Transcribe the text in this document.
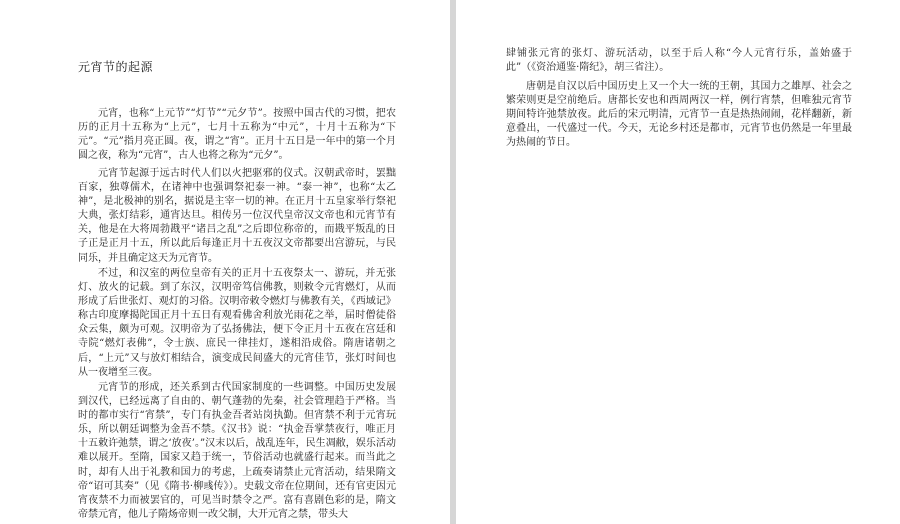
元宵节的起源

元宵，也称“上元节”“灯节”“元夕节”。按照中国古代的习惯，把农历的正月十五称为“上元”，七月十五称为“中元”，十月十五称为“下元”。“元”指月亮正圆。夜，谓之“宵”。正月十五日是一年中的第一个月圆之夜，称为“元宵”，古人也将之称为“元夕”。

元宵节起源于远古时代人们以火把驱邪的仪式。汉朝武帝时，罢黜百家，独尊儒术，在诸神中也强调祭祀泰一神。“泰一神”，也称“太乙神”，是北极神的别名，据说是主宰一切的神。在正月十五皇家举行祭祀大典，张灯结彩，通宵达旦。相传另一位汉代皇帝汉文帝也和元宵节有关，他是在大将周勃戡平“诸吕之乱”之后即位称帝的，而戡平叛乱的日子正是正月十五，所以此后每逢正月十五夜汉文帝都要出宫游玩，与民同乐，并且确定这天为元宵节。

不过，和汉室的两位皇帝有关的正月十五夜祭太一、游玩，并无张灯、放火的记载。到了东汉，汉明帝笃信佛教，则敕令元宵燃灯，从而形成了后世张灯、观灯的习俗。汉明帝敕令燃灯与佛教有关，《西域记》称古印度摩揭陀国正月十五日有观看佛舍利放光雨花之举，届时僧徒俗众云集，颇为可观。汉明帝为了弘扬佛法，便下令正月十五夜在宫廷和寺院“燃灯表佛”，令士族、庶民一律挂灯，遂相沿成俗。隋唐诸朝之后，“上元”又与放灯相结合，演变成民间盛大的元宵佳节，张灯时间也从一夜增至三夜。

元宵节的形成，还关系到古代国家制度的一些调整。中国历史发展到汉代，已经远离了自由的、朝气蓬勃的先秦，社会管理趋于严格。当时的都市实行“宵禁”，专门有执金吾者站岗执勤。但宵禁不利于元宵玩乐，所以朝廷调整为金吾不禁。《汉书》说：“执金吾掌禁夜行，唯正月十五敕许弛禁，谓之‘放夜’。”汉末以后，战乱连年，民生凋敝，娱乐活动难以展开。至隋，国家又趋于统一，节俗活动也就盛行起来。而当此之时，却有人出于礼教和国力的考虑，上疏奏请禁止元宵活动，结果隋文帝“诏可其奏”（见《隋书·柳彧传》）。史载文帝在位期间，还有官吏因元宵夜禁不力而被罢官的，可见当时禁令之严。富有喜剧色彩的是，隋文帝禁元宵，他儿子隋炀帝则一改父制，大开元宵之禁，带头大

肆铺张元宵的张灯、游玩活动，以至于后人称“今人元宵行乐，盖始盛于此”（《资治通鉴·隋纪》，胡三省注）。

唐朝是自汉以后中国历史上又一个大一统的王朝，其国力之雄厚、社会之繁荣则更是空前绝后。唐都长安也和西周两汉一样，例行宵禁，但唯独元宵节期间特许弛禁放夜。此后的宋元明清，元宵节一直是热热闹闹，花样翻新，新意叠出，一代盛过一代。今天，无论乡村还是都市，元宵节也仍然是一年里最为热闹的节日。
